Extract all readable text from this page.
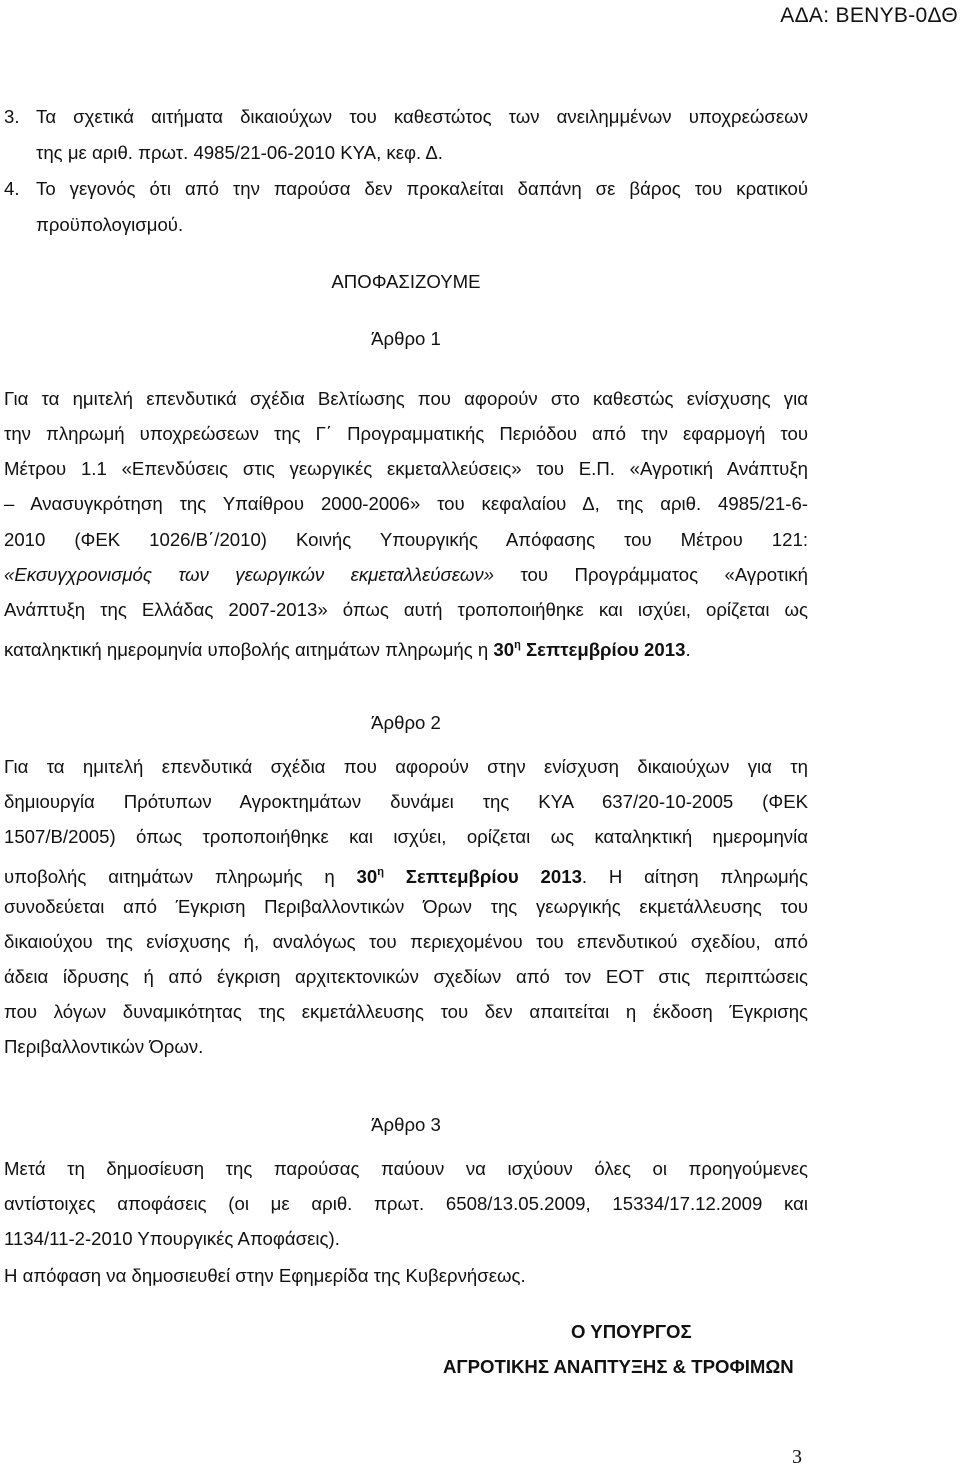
ΑΔΑ: ΒΕΝΥΒ-0ΔΘ
3. Τα σχετικά αιτήματα δικαιούχων του καθεστώτος των ανειλημμένων υποχρεώσεων
της με αριθ. πρωτ. 4985/21-06-2010 ΚΥΑ, κεφ. Δ.
4. Το γεγονός ότι από την παρούσα δεν προκαλείται δαπάνη σε βάρος του κρατικού
προϋπολογισμού.
ΑΠΟΦΑΣΙΖΟΥΜΕ
Άρθρο 1
Για τα ημιτελή επενδυτικά σχέδια Βελτίωσης που αφορούν στο καθεστώς ενίσχυσης για
την πληρωμή υποχρεώσεων της Γ΄ Προγραμματικής Περιόδου από την εφαρμογή του
Μέτρου 1.1 «Επενδύσεις στις γεωργικές εκμεταλλεύσεις» του Ε.Π. «Αγροτική Ανάπτυξη
– Ανασυγκρότηση της Υπαίθρου 2000-2006» του κεφαλαίου Δ, της αριθ. 4985/21-6-
2010 (ΦΕΚ 1026/Β΄/2010) Κοινής Υπουργικής Απόφασης του Μέτρου 121:
«Εκσυγχρονισμός των γεωργικών εκμεταλλεύσεων» του Προγράμματος «Αγροτική
Ανάπτυξη της Ελλάδας 2007-2013» όπως αυτή τροποποιήθηκε και ισχύει, ορίζεται ως
καταληκτική ημερομηνία υποβολής αιτημάτων πληρωμής η $30^\eta$ Σεπτεμβρίου 2013.
Άρθρο 2
Για τα ημιτελή επενδυτικά σχέδια που αφορούν στην ενίσχυση δικαιούχων για τη
δημιουργία Πρότυπων Αγροκτημάτων δυνάμει της ΚΥΑ 637/20-10-2005 (ΦΕΚ
1507/Β/2005) όπως τροποποιήθηκε και ισχύει, ορίζεται ως καταληκτική ημερομηνία
υποβολής αιτημάτων πληρωμής η $30^\eta$ Σεπτεμβρίου 2013. Η αίτηση πληρωμής
συνοδεύεται από Έγκριση Περιβαλλοντικών Όρων της γεωργικής εκμετάλλευσης του
δικαιούχου της ενίσχυσης ή, αναλόγως του περιεχομένου του επενδυτικού σχεδίου, από
άδεια ίδρυσης ή από έγκριση αρχιτεκτονικών σχεδίων από τον ΕΟΤ στις περιπτώσεις
που λόγων δυναμικότητας της εκμετάλλευσης του δεν απαιτείται η έκδοση Έγκρισης
Περιβαλλοντικών Όρων.
Άρθρο 3
Μετά τη δημοσίευση της παρούσας παύουν να ισχύουν όλες οι προηγούμενες
αντίστοιχες αποφάσεις (οι με αριθ. πρωτ. 6508/13.05.2009, 15334/17.12.2009 και
1134/11-2-2010 Υπουργικές Αποφάσεις).
Η απόφαση να δημοσιευθεί στην Εφημερίδα της Κυβερνήσεως.
Ο ΥΠΟΥΡΓΟΣ
ΑΓΡΟΤΙΚΗΣ ΑΝΑΠΤΥΞΗΣ & ΤΡΟΦΙΜΩΝ
3
